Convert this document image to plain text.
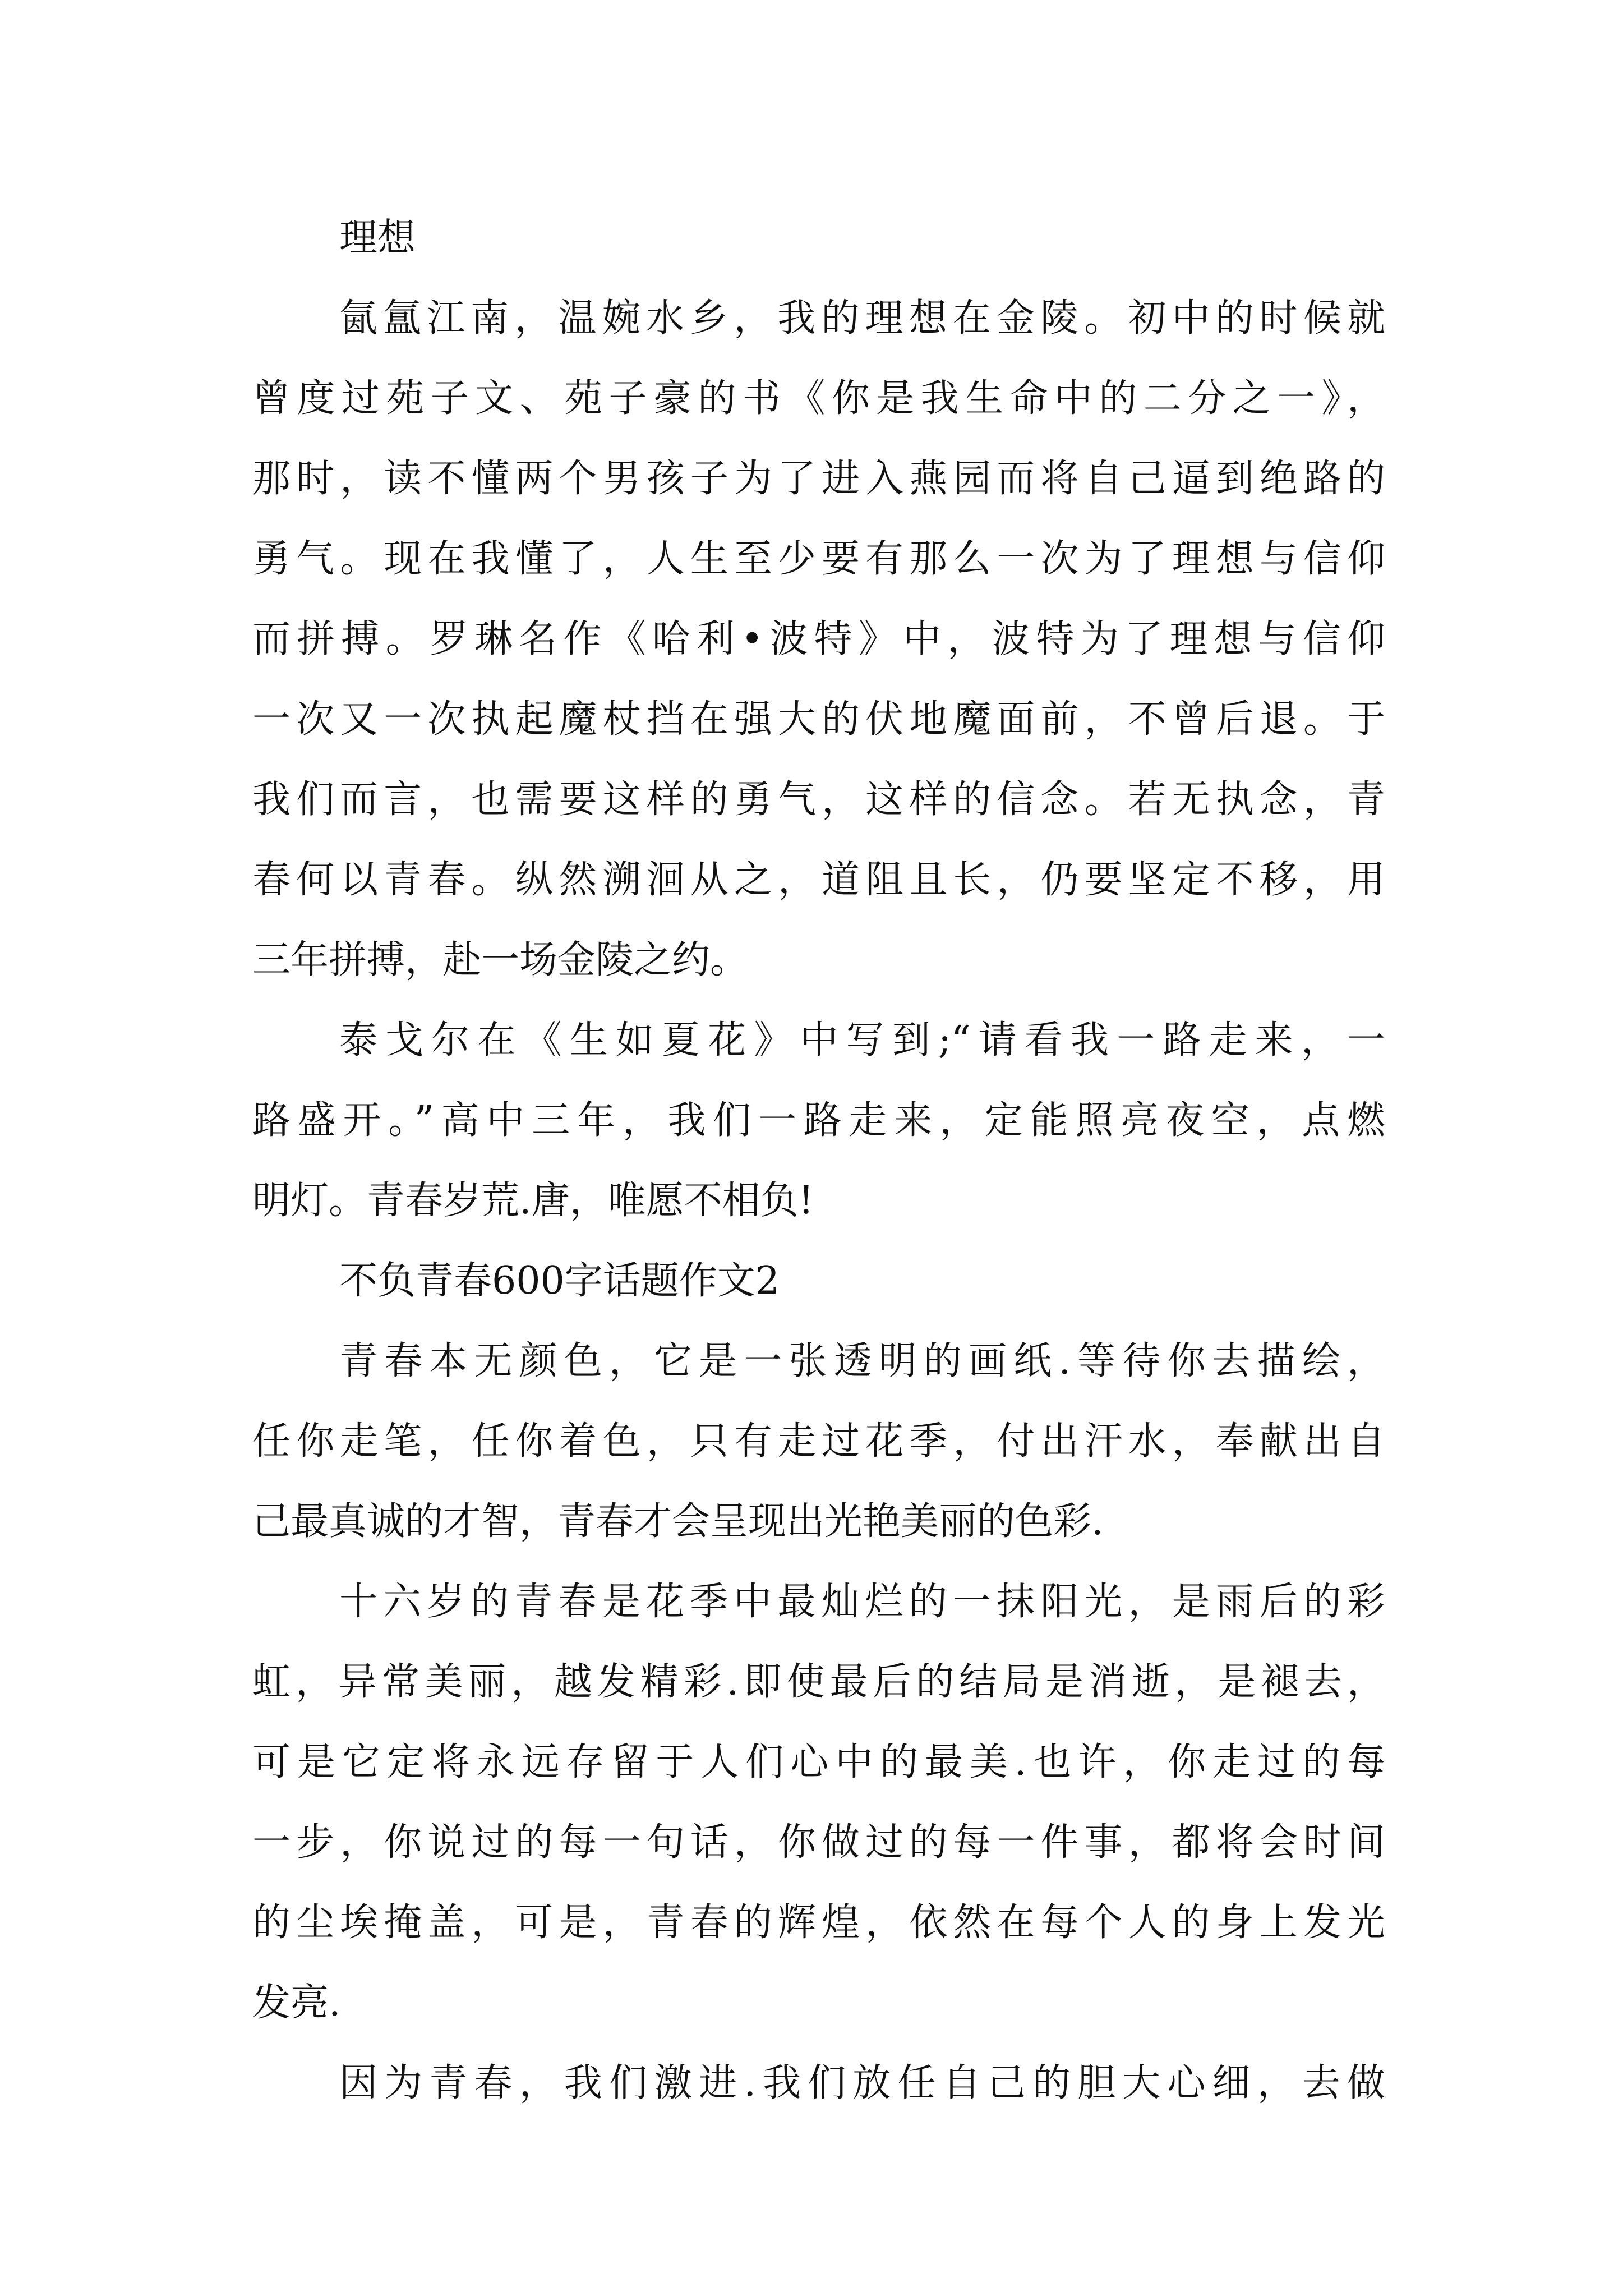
理想
氤氲江南，温婉水乡，我的理想在金陵。初中的时候就
曾度过苑子文、苑子豪的书《你是我生命中的二分之一》，
那时，读不懂两个男孩子为了进入燕园而将自己逼到绝路的
勇气。现在我懂了，人生至少要有那么一次为了理想与信仰
而拼搏。罗琳名作《哈利•波特》中，波特为了理想与信仰
一次又一次执起魔杖挡在强大的伏地魔面前，不曾后退。于
我们而言，也需要这样的勇气，这样的信念。若无执念，青
春何以青春。纵然溯洄从之，道阻且长，仍要坚定不移，用
三年拼搏，赴一场金陵之约。
泰戈尔在《生如夏花》中写到;“请看我一路走来，一
路盛开。”高中三年，我们一路走来，定能照亮夜空，点燃
明灯。青春岁荒.唐，唯愿不相负!
不负青春600字话题作文2
青春本无颜色，它是一张透明的画纸.等待你去描绘，
任你走笔，任你着色，只有走过花季，付出汗水，奉献出自
己最真诚的才智，青春才会呈现出光艳美丽的色彩.
十六岁的青春是花季中最灿烂的一抹阳光，是雨后的彩
虹，异常美丽，越发精彩.即使最后的结局是消逝，是褪去，
可是它定将永远存留于人们心中的最美.也许，你走过的每
一步，你说过的每一句话，你做过的每一件事，都将会时间
的尘埃掩盖，可是，青春的辉煌，依然在每个人的身上发光
发亮.
因为青春，我们激进.我们放任自己的胆大心细，去做
